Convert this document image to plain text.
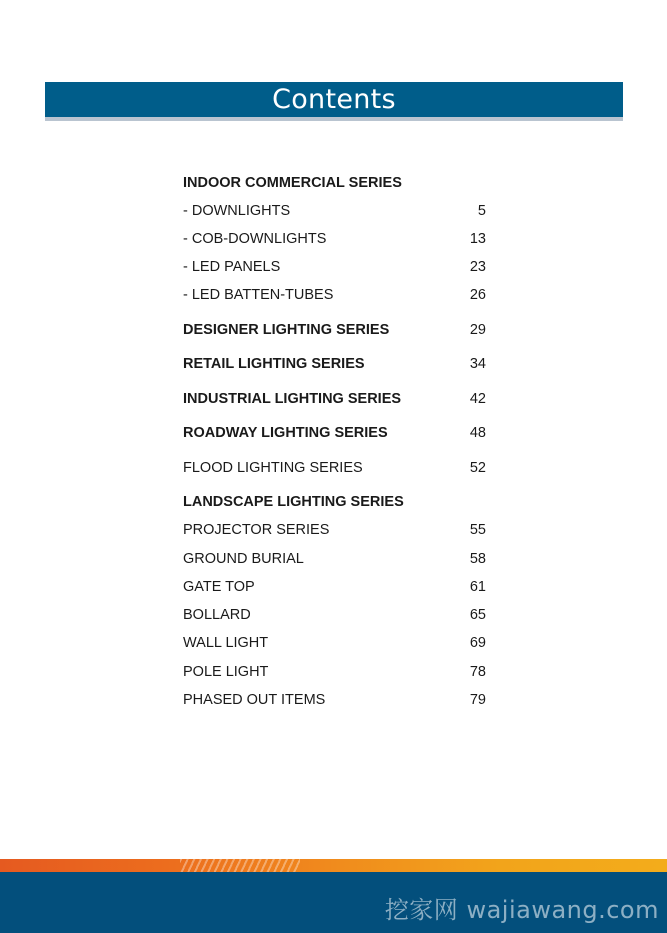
Contents
INDOOR COMMERCIAL SERIES
- DOWNLIGHTS	5
- COB-DOWNLIGHTS	13
- LED PANELS	23
- LED BATTEN-TUBES	26
DESIGNER LIGHTING SERIES	29
RETAIL LIGHTING SERIES	34
INDUSTRIAL LIGHTING SERIES	42
ROADWAY LIGHTING SERIES	48
FLOOD LIGHTING SERIES	52
LANDSCAPE LIGHTING SERIES
PROJECTOR SERIES	55
GROUND BURIAL	58
GATE TOP	61
BOLLARD	65
WALL LIGHT	69
POLE LIGHT	78
PHASED OUT ITEMS	79
挖家网 wajiawang.com
